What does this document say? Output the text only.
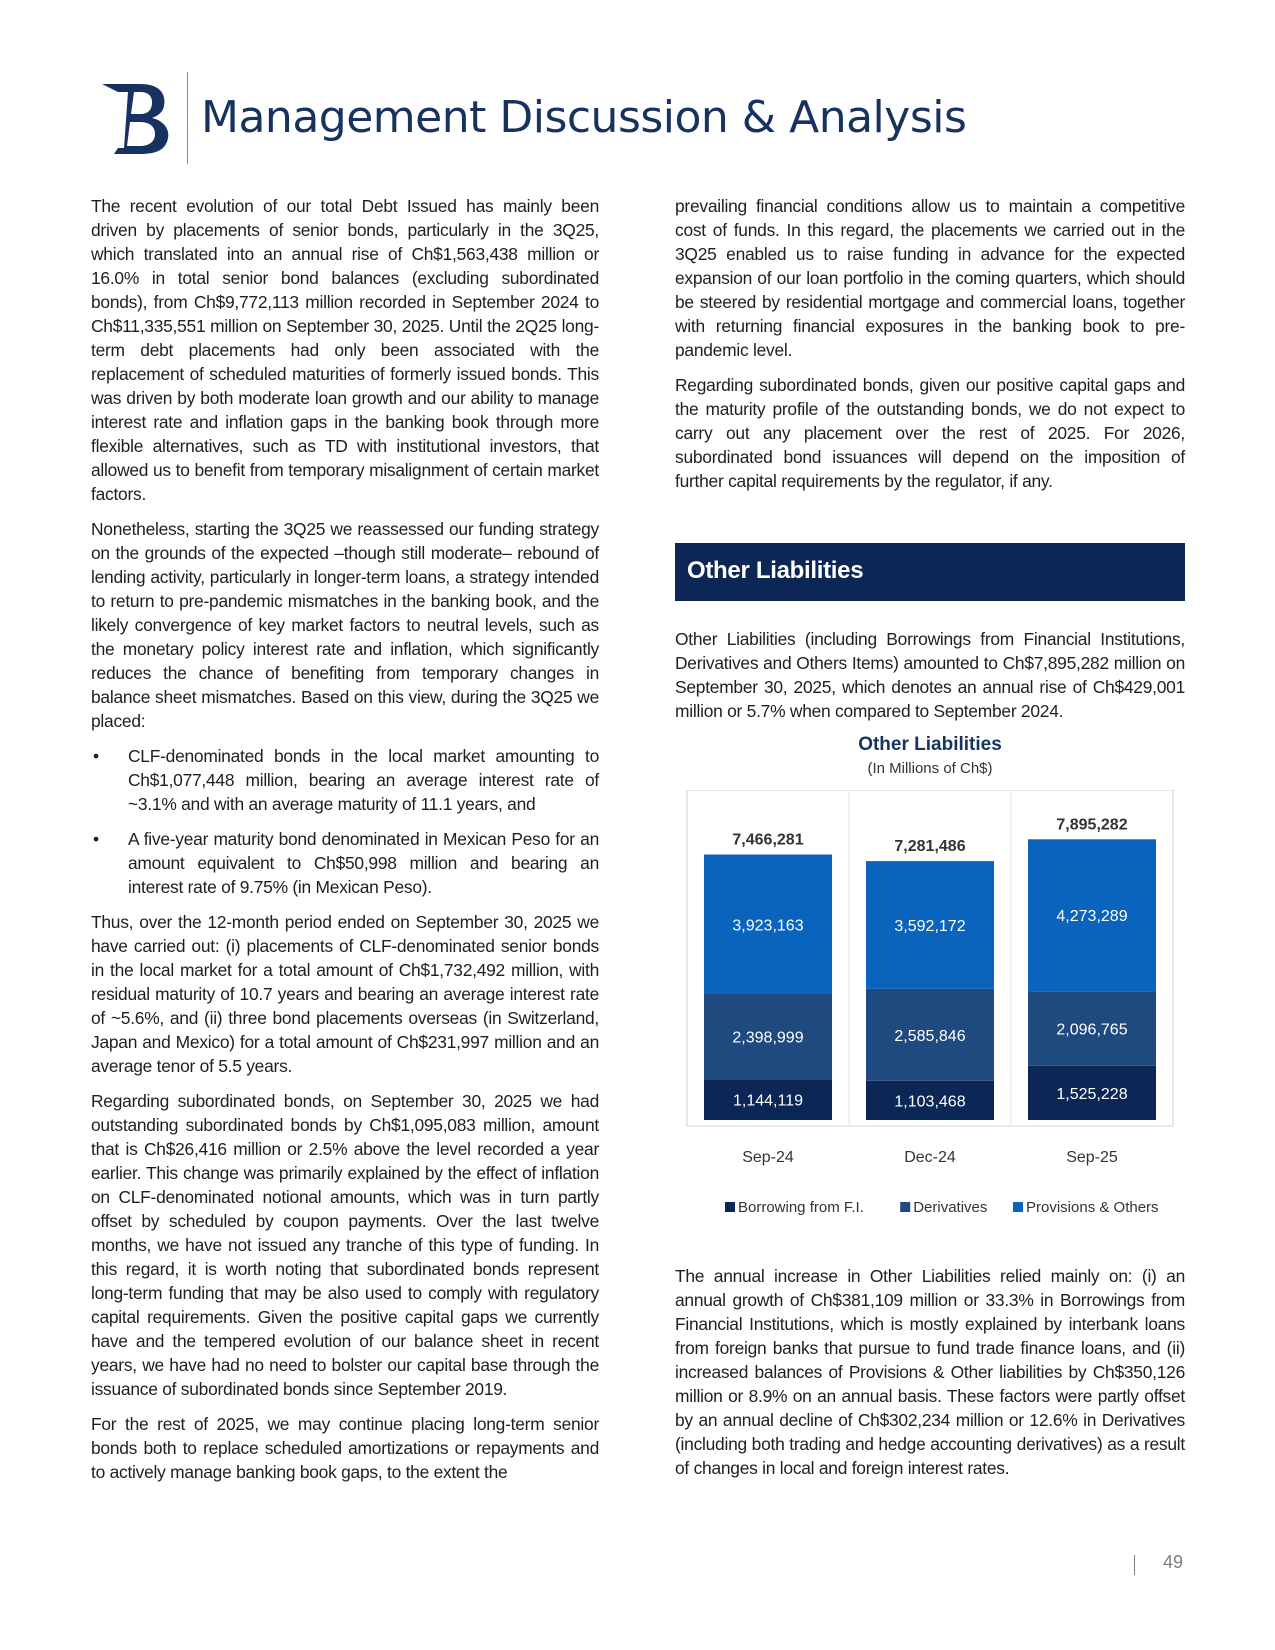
B
Management Discussion & Analysis

The recent evolution of our total Debt Issued has mainly been driven by placements of senior bonds, particularly in the 3Q25, which translated into an annual rise of Ch$1,563,438 million or 16.0% in total senior bond balances (excluding subordinated bonds), from Ch$9,772,113 million recorded in September 2024 to Ch$11,335,551 million on September 30, 2025. Until the 2Q25 long-term debt placements had only been associated with the replacement of scheduled maturities of formerly issued bonds. This was driven by both moderate loan growth and our ability to manage interest rate and inflation gaps in the banking book through more flexible alternatives, such as TD with institutional investors, that allowed us to benefit from temporary misalignment of certain market factors.

Nonetheless, starting the 3Q25 we reassessed our funding strategy on the grounds of the expected –though still moderate– rebound of lending activity, particularly in longer-term loans, a strategy intended to return to pre-pandemic mismatches in the banking book, and the likely convergence of key market factors to neutral levels, such as the monetary policy interest rate and inflation, which significantly reduces the chance of benefiting from temporary changes in balance sheet mismatches. Based on this view, during the 3Q25 we placed:

• CLF-denominated bonds in the local market amounting to Ch$1,077,448 million, bearing an average interest rate of ~3.1% and with an average maturity of 11.1 years, and
• A five-year maturity bond denominated in Mexican Peso for an amount equivalent to Ch$50,998 million and bearing an interest rate of 9.75% (in Mexican Peso).

Thus, over the 12-month period ended on September 30, 2025 we have carried out: (i) placements of CLF-denominated senior bonds in the local market for a total amount of Ch$1,732,492 million, with residual maturity of 10.7 years and bearing an average interest rate of ~5.6%, and (ii) three bond placements overseas (in Switzerland, Japan and Mexico) for a total amount of Ch$231,997 million and an average tenor of 5.5 years.

Regarding subordinated bonds, on September 30, 2025 we had outstanding subordinated bonds by Ch$1,095,083 million, amount that is Ch$26,416 million or 2.5% above the level recorded a year earlier. This change was primarily explained by the effect of inflation on CLF-denominated notional amounts, which was in turn partly offset by scheduled by coupon payments. Over the last twelve months, we have not issued any tranche of this type of funding. In this regard, it is worth noting that subordinated bonds represent long-term funding that may be also used to comply with regulatory capital requirements. Given the positive capital gaps we currently have and the tempered evolution of our balance sheet in recent years, we have had no need to bolster our capital base through the issuance of subordinated bonds since September 2019.

For the rest of 2025, we may continue placing long-term senior bonds both to replace scheduled amortizations or repayments and to actively manage banking book gaps, to the extent the

prevailing financial conditions allow us to maintain a competitive cost of funds. In this regard, the placements we carried out in the 3Q25 enabled us to raise funding in advance for the expected expansion of our loan portfolio in the coming quarters, which should be steered by residential mortgage and commercial loans, together with returning financial exposures in the banking book to pre-pandemic level.

Regarding subordinated bonds, given our positive capital gaps and the maturity profile of the outstanding bonds, we do not expect to carry out any placement over the rest of 2025. For 2026, subordinated bond issuances will depend on the imposition of further capital requirements by the regulator, if any.

Other Liabilities

Other Liabilities (including Borrowings from Financial Institutions, Derivatives and Others Items) amounted to Ch$7,895,282 million on September 30, 2025, which denotes an annual rise of Ch$429,001 million or 5.7% when compared to September 2024.

Other Liabilities
(In Millions of Ch$)
1,144,119
2,398,999
3,923,163
7,466,281
Sep-24
1,103,468
2,585,846
3,592,172
7,281,486
Dec-24
1,525,228
2,096,765
4,273,289
7,895,282
Sep-25
Borrowing from F.I.	Derivatives	Provisions & Others

The annual increase in Other Liabilities relied mainly on: (i) an annual growth of Ch$381,109 million or 33.3% in Borrowings from Financial Institutions, which is mostly explained by interbank loans from foreign banks that pursue to fund trade finance loans, and (ii) increased balances of Provisions & Other liabilities by Ch$350,126 million or 8.9% on an annual basis. These factors were partly offset by an annual decline of Ch$302,234 million or 12.6% in Derivatives (including both trading and hedge accounting derivatives) as a result of changes in local and foreign interest rates.

49
